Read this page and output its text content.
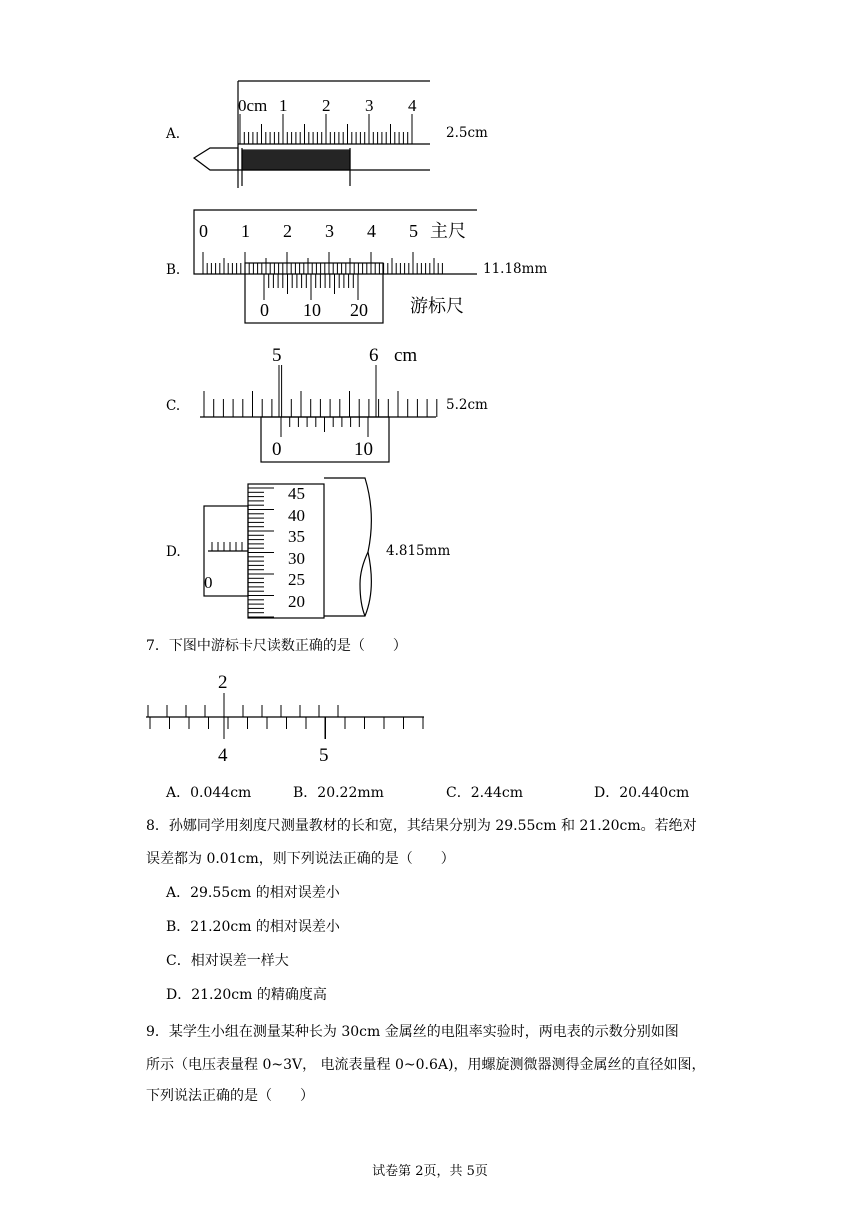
A.
0cm 1 2 3 4
2.5cm
B.
0 1 2 3 4 5 主尺
0 10 20 游标尺
11.18mm
C.
5	6 cm
0	10
5.2cm
D.
45
40
35
30
25
20
0
4.815mm
7．下图中游标卡尺读数正确的是（　　）
2
4	5
A．0.044cm	B．20.22mm	C．2.44cm	D．20.440cm
8．孙娜同学用刻度尺测量教材的长和宽，其结果分别为 29.55cm 和 21.20cm。若绝对
误差都为 0.01cm，则下列说法正确的是（　　）
A．29.55cm 的相对误差小
B．21.20cm 的相对误差小
C．相对误差一样大
D．21.20cm 的精确度高
9．某学生小组在测量某种长为 30cm 金属丝的电阻率实验时，两电表的示数分别如图
所示（电压表量程 0~3V， 电流表量程 0~0.6A)，用螺旋测微器测得金属丝的直径如图，
下列说法正确的是（　　）
试卷第 2页，共 5页
